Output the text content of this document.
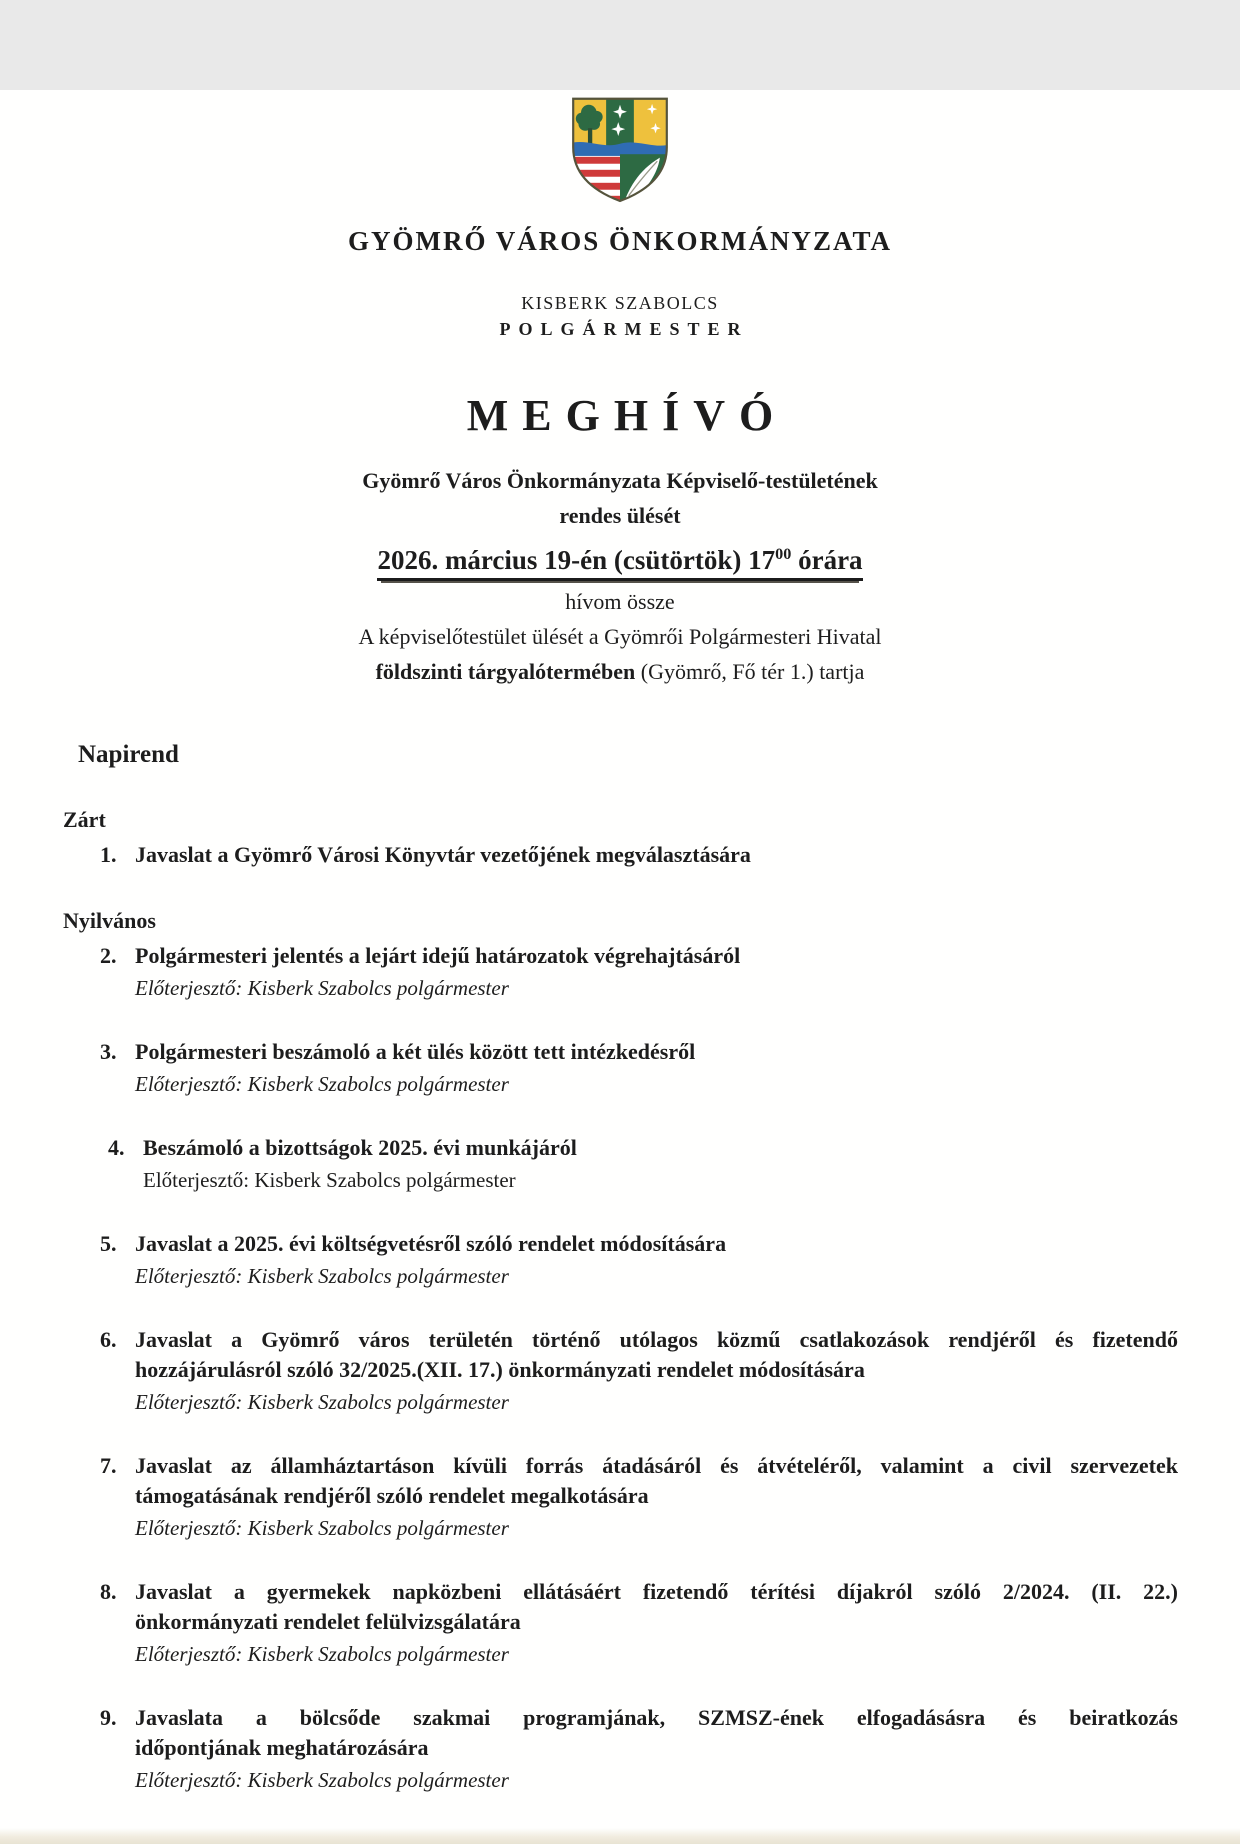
GYÖMRŐ VÁROS ÖNKORMÁNYZATA
KISBERK SZABOLCS
POLGÁRMESTER
MEGHÍVÓ
Gyömrő Város Önkormányzata Képviselő-testületének
rendes ülését
2026. március 19-én (csütörtök) $17^{00}$ órára
hívom össze
A képviselőtestület ülését a Gyömrői Polgármesteri Hivatal
földszinti tárgyalótermében (Gyömrő, Fő tér 1.) tartja
Napirend
Zárt
1. Javaslat a Gyömrő Városi Könyvtár vezetőjének megválasztására
Nyilvános
2. Polgármesteri jelentés a lejárt idejű határozatok végrehajtásáról
Előterjesztő: Kisberk Szabolcs polgármester
3. Polgármesteri beszámoló a két ülés között tett intézkedésről
Előterjesztő: Kisberk Szabolcs polgármester
4. Beszámoló a bizottságok 2025. évi munkájáról
Előterjesztő: Kisberk Szabolcs polgármester
5. Javaslat a 2025. évi költségvetésről szóló rendelet módosítására
Előterjesztő: Kisberk Szabolcs polgármester
6. Javaslat a Gyömrő város területén történő utólagos közmű csatlakozások rendjéről és fizetendő
hozzájárulásról szóló 32/2025.(XII. 17.) önkormányzati rendelet módosítására
Előterjesztő: Kisberk Szabolcs polgármester
7. Javaslat az államháztartáson kívüli forrás átadásáról és átvételéről, valamint a civil szervezetek
támogatásának rendjéről szóló rendelet megalkotására
Előterjesztő: Kisberk Szabolcs polgármester
8. Javaslat a gyermekek napközbeni ellátásáért fizetendő térítési díjakról szóló 2/2024. (II. 22.)
önkormányzati rendelet felülvizsgálatára
Előterjesztő: Kisberk Szabolcs polgármester
9. Javaslata a bölcsőde szakmai programjának, SZMSZ-ének elfogadásásra és beiratkozás
időpontjának meghatározására
Előterjesztő: Kisberk Szabolcs polgármester
